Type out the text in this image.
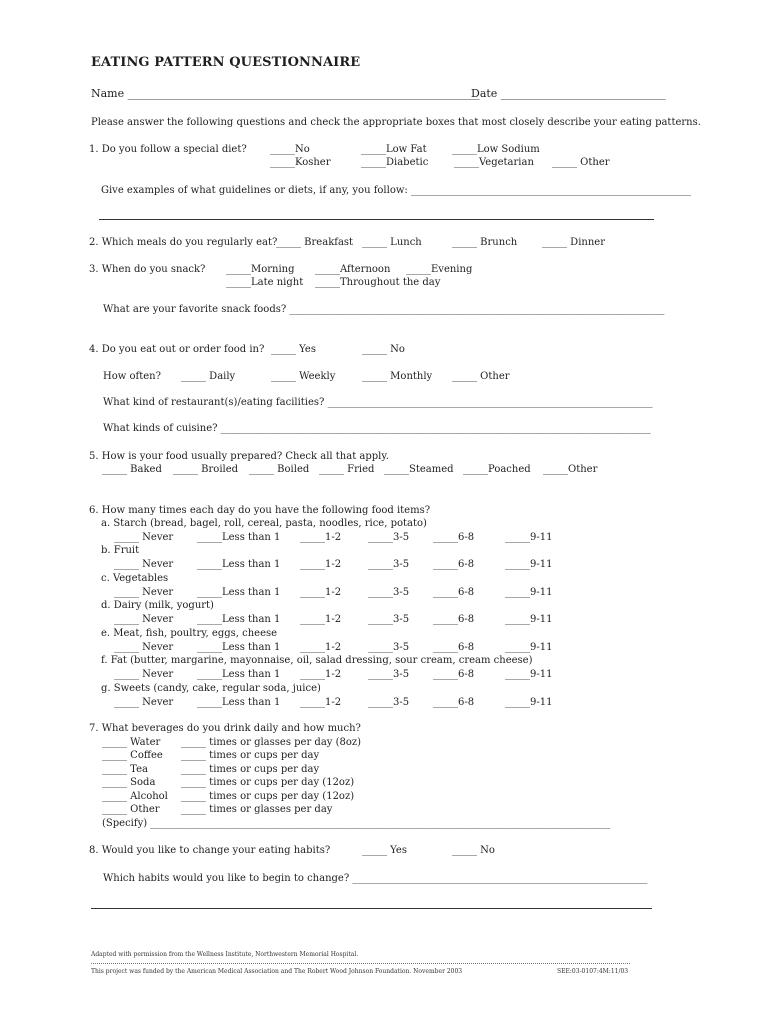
EATING PATTERN QUESTIONNAIRE
Name ________________________________________________________________
Date ______________________________
Please answer the following questions and check the appropriate boxes that most closely describe your eating patterns.
1. Do you follow a special diet? _____No	_____Low Fat	_____Low Sodium
_____Kosher	_____Diabetic	_____Vegetarian _____ Other
Give examples of what guidelines or diets, if any, you follow: ________________________________________________________
2. Which meals do you regularly eat?
_____ Breakfast _____ Lunch	_____ Brunch _____ Dinner
3. When do you snack? _____Morning _____Afternoon _____Evening
_____Late night _____Throughout the day
What are your favorite snack foods? ___________________________________________________________________________
4. Do you eat out or order food in? _____ Yes	_____ No
How often? _____ Daily	_____ Weekly	_____ Monthly _____ Other
What kind of restaurant(s)/eating facilities? _________________________________________________________________
What kinds of cuisine? ______________________________________________________________________________________
5. How is your food usually prepared? Check all that apply.
_____ Baked _____ Broiled _____ Boiled _____ Fried _____Steamed _____Poached _____Other
6. How many times each day do you have the following food items?
a. Starch (bread, bagel, roll, cereal, pasta, noodles, rice, potato)
_____ Never _____Less than 1 _____1-2	_____3-5 _____6-8	_____9-11
b. Fruit
_____ Never _____Less than 1 _____1-2	_____3-5 _____6-8	_____9-11
c. Vegetables
_____ Never _____Less than 1 _____1-2	_____3-5 _____6-8	_____9-11
d. Dairy (milk, yogurt)
_____ Never _____Less than 1 _____1-2	_____3-5 _____6-8	_____9-11
e. Meat, fish, poultry, eggs, cheese
_____ Never _____Less than 1 _____1-2	_____3-5 _____6-8	_____9-11
f. Fat (butter, margarine, mayonnaise, oil, salad dressing, sour cream, cream cheese)
_____ Never _____Less than 1 _____1-2	_____3-5 _____6-8	_____9-11
g. Sweets (candy, cake, regular soda, juice)
_____ Never _____Less than 1 _____1-2	_____3-5 _____6-8	_____9-11
7. What beverages do you drink daily and how much?
_____ Water _____ times or glasses per day (8oz)
_____ Coffee _____ times or cups per day
_____ Tea	_____ times or cups per day
_____ Soda	_____ times or cups per day (12oz)
_____ Alcohol _____ times or cups per day (12oz)
_____ Other _____ times or glasses per day
(Specify) ____________________________________________________________________________________________
8. Would you like to change your eating habits?	_____ Yes	_____ No
Which habits would you like to begin to change? ___________________________________________________________
Adapted with permission from the Wellness Institute, Northwestern Memorial Hospital.
This project was funded by the American Medical Association and The Robert Wood Johnson Foundation. November 2003	SEE:03-0107:4M:11/03
